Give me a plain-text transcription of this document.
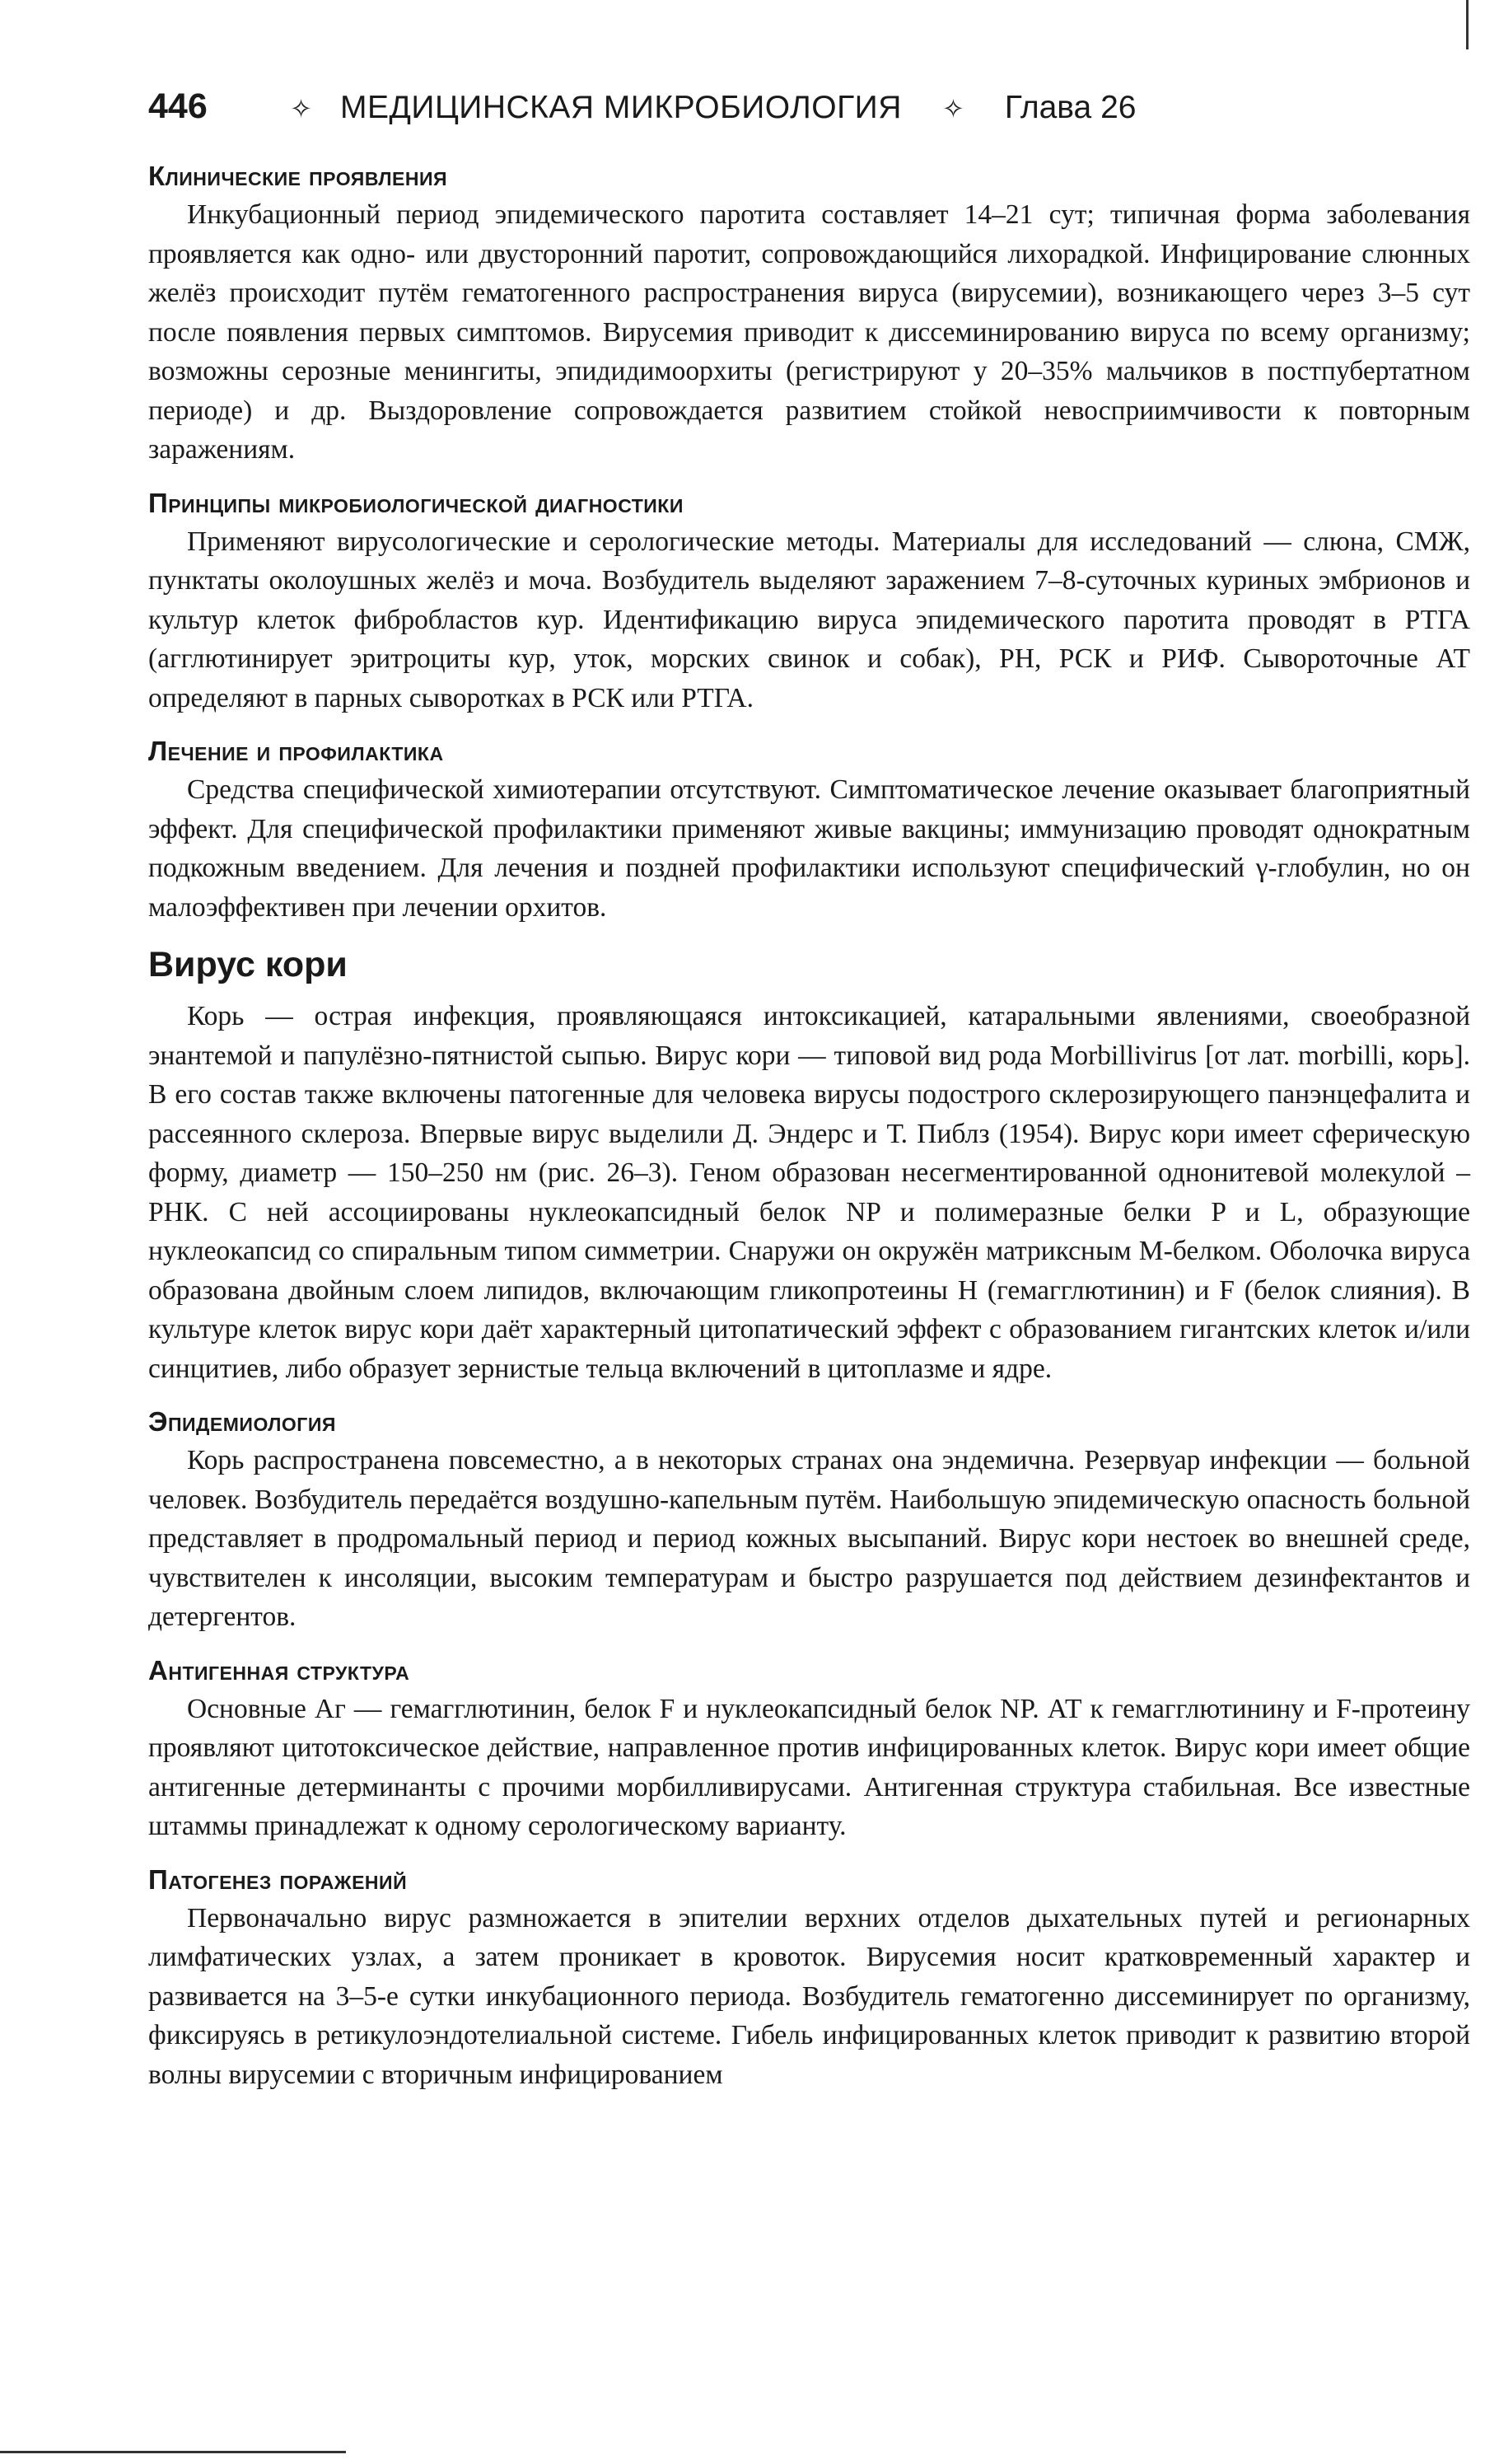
446	✧ МЕДИЦИНСКАЯ МИКРОБИОЛОГИЯ	✧	Глава 26
Клинические проявления

Инкубационный период эпидемического паротита составляет 14–21 сут; типичная форма заболевания проявляется как одно- или двусторонний паротит, сопровождающийся лихорадкой. Инфицирование слюнных желёз происходит путём гематогенного распространения вируса (вирусемии), возникающего через 3–5 сут после появления первых симптомов. Вирусемия приводит к диссеминированию вируса по всему организму; возможны серозные менингиты, эпидидимоорхиты (регистрируют у 20–35% мальчиков в постпубертатном периоде) и др. Выздоровление сопровождается развитием стойкой невосприимчивости к повторным заражениям.

Принципы микробиологической диагностики

Применяют вирусологические и серологические методы. Материалы для исследований — слюна, СМЖ, пунктаты околоушных желёз и моча. Возбудитель выделяют заражением 7–8-суточных куриных эмбрионов и культур клеток фибробластов кур. Идентификацию вируса эпидемического паротита проводят в РТГА (агглютинирует эритроциты кур, уток, морских свинок и собак), РН, РСК и РИФ. Сывороточные АТ определяют в парных сыворотках в РСК или РТГА.

Лечение и профилактика

Средства специфической химиотерапии отсутствуют. Симптоматическое лечение оказывает благоприятный эффект. Для специфической профилактики применяют живые вакцины; иммунизацию проводят однократным подкожным введением. Для лечения и поздней профилактики используют специфический γ-глобулин, но он малоэффективен при лечении орхитов.

Вирус кори

Корь — острая инфекция, проявляющаяся интоксикацией, катаральными явлениями, своеобразной энантемой и папулёзно-пятнистой сыпью. Вирус кори — типовой вид рода Morbillivirus [от лат. morbilli, корь]. В его состав также включены патогенные для человека вирусы подострого склерозирующего панэнцефалита и рассеянного склероза. Впервые вирус выделили Д. Эндерс и Т. Пиблз (1954). Вирус кори имеет сферическую форму, диаметр — 150–250 нм (рис. 26–3). Геном образован несегментированной однонитевой молекулой –РНК. С ней ассоциированы нуклеокапсидный белок NP и полимеразные белки P и L, образующие нуклеокапсид со спиральным типом симметрии. Снаружи он окружён матриксным М-белком. Оболочка вируса образована двойным слоем липидов, включающим гликопротеины H (гемагглютинин) и F (белок слияния). В культуре клеток вирус кори даёт характерный цитопатический эффект с образованием гигантских клеток и/или синцитиев, либо образует зернистые тельца включений в цитоплазме и ядре.

Эпидемиология

Корь распространена повсеместно, а в некоторых странах она эндемична. Резервуар инфекции — больной человек. Возбудитель передаётся воздушно-капельным путём. Наибольшую эпидемическую опасность больной представляет в продромальный период и период кожных высыпаний. Вирус кори нестоек во внешней среде, чувствителен к инсоляции, высоким температурам и быстро разрушается под действием дезинфектантов и детергентов.

Антигенная структура

Основные Аг — гемагглютинин, белок F и нуклеокапсидный белок NP. АТ к гемагглютинину и F-протеину проявляют цитотоксическое действие, направленное против инфицированных клеток. Вирус кори имеет общие антигенные детерминанты с прочими морбилливирусами. Антигенная структура стабильная. Все известные штаммы принадлежат к одному серологическому варианту.

Патогенез поражений

Первоначально вирус размножается в эпителии верхних отделов дыхательных путей и регионарных лимфатических узлах, а затем проникает в кровоток. Вирусемия носит кратковременный характер и развивается на 3–5-е сутки инкубационного периода. Возбудитель гематогенно диссеминирует по организму, фиксируясь в ретикулоэндотелиальной системе. Гибель инфицированных клеток приводит к развитию второй волны вирусемии с вторичным инфицированием
